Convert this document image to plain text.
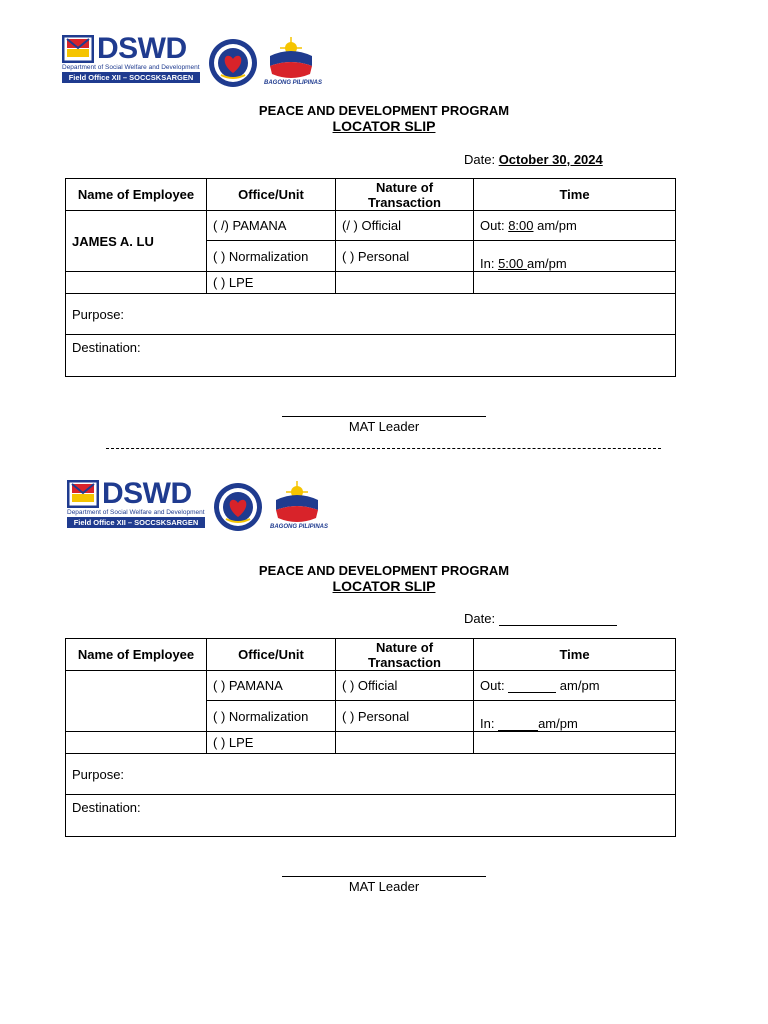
DSWD
Department of Social Welfare and Development
Field Office XII – SOCCSKSARGEN
BAGONG PILIPINAS
PEACE AND DEVELOPMENT PROGRAM
LOCATOR SLIP
Date: October 30, 2024
Name of Employee	Office/Unit	Nature of Transaction	Time
JAMES A. LU	( /) PAMANA	(/ ) Official	Out: 8:00 am/pm
	( ) Normalization	( ) Personal	In: 5:00 am/pm
	( ) LPE		
Purpose:			
Destination:			
MAT Leader
DSWD
Department of Social Welfare and Development
Field Office XII – SOCCSKSARGEN	BAGONG PILIPINAS
PEACE AND DEVELOPMENT PROGRAM
LOCATOR SLIP
Date:
Name of Employee	Office/Unit	Nature of Transaction	Time
	( ) PAMANA	( ) Official	Out: am/pm
	( ) Normalization	( ) Personal	In: am/pm
	( ) LPE		
Purpose:			
Destination:			
MAT Leader
